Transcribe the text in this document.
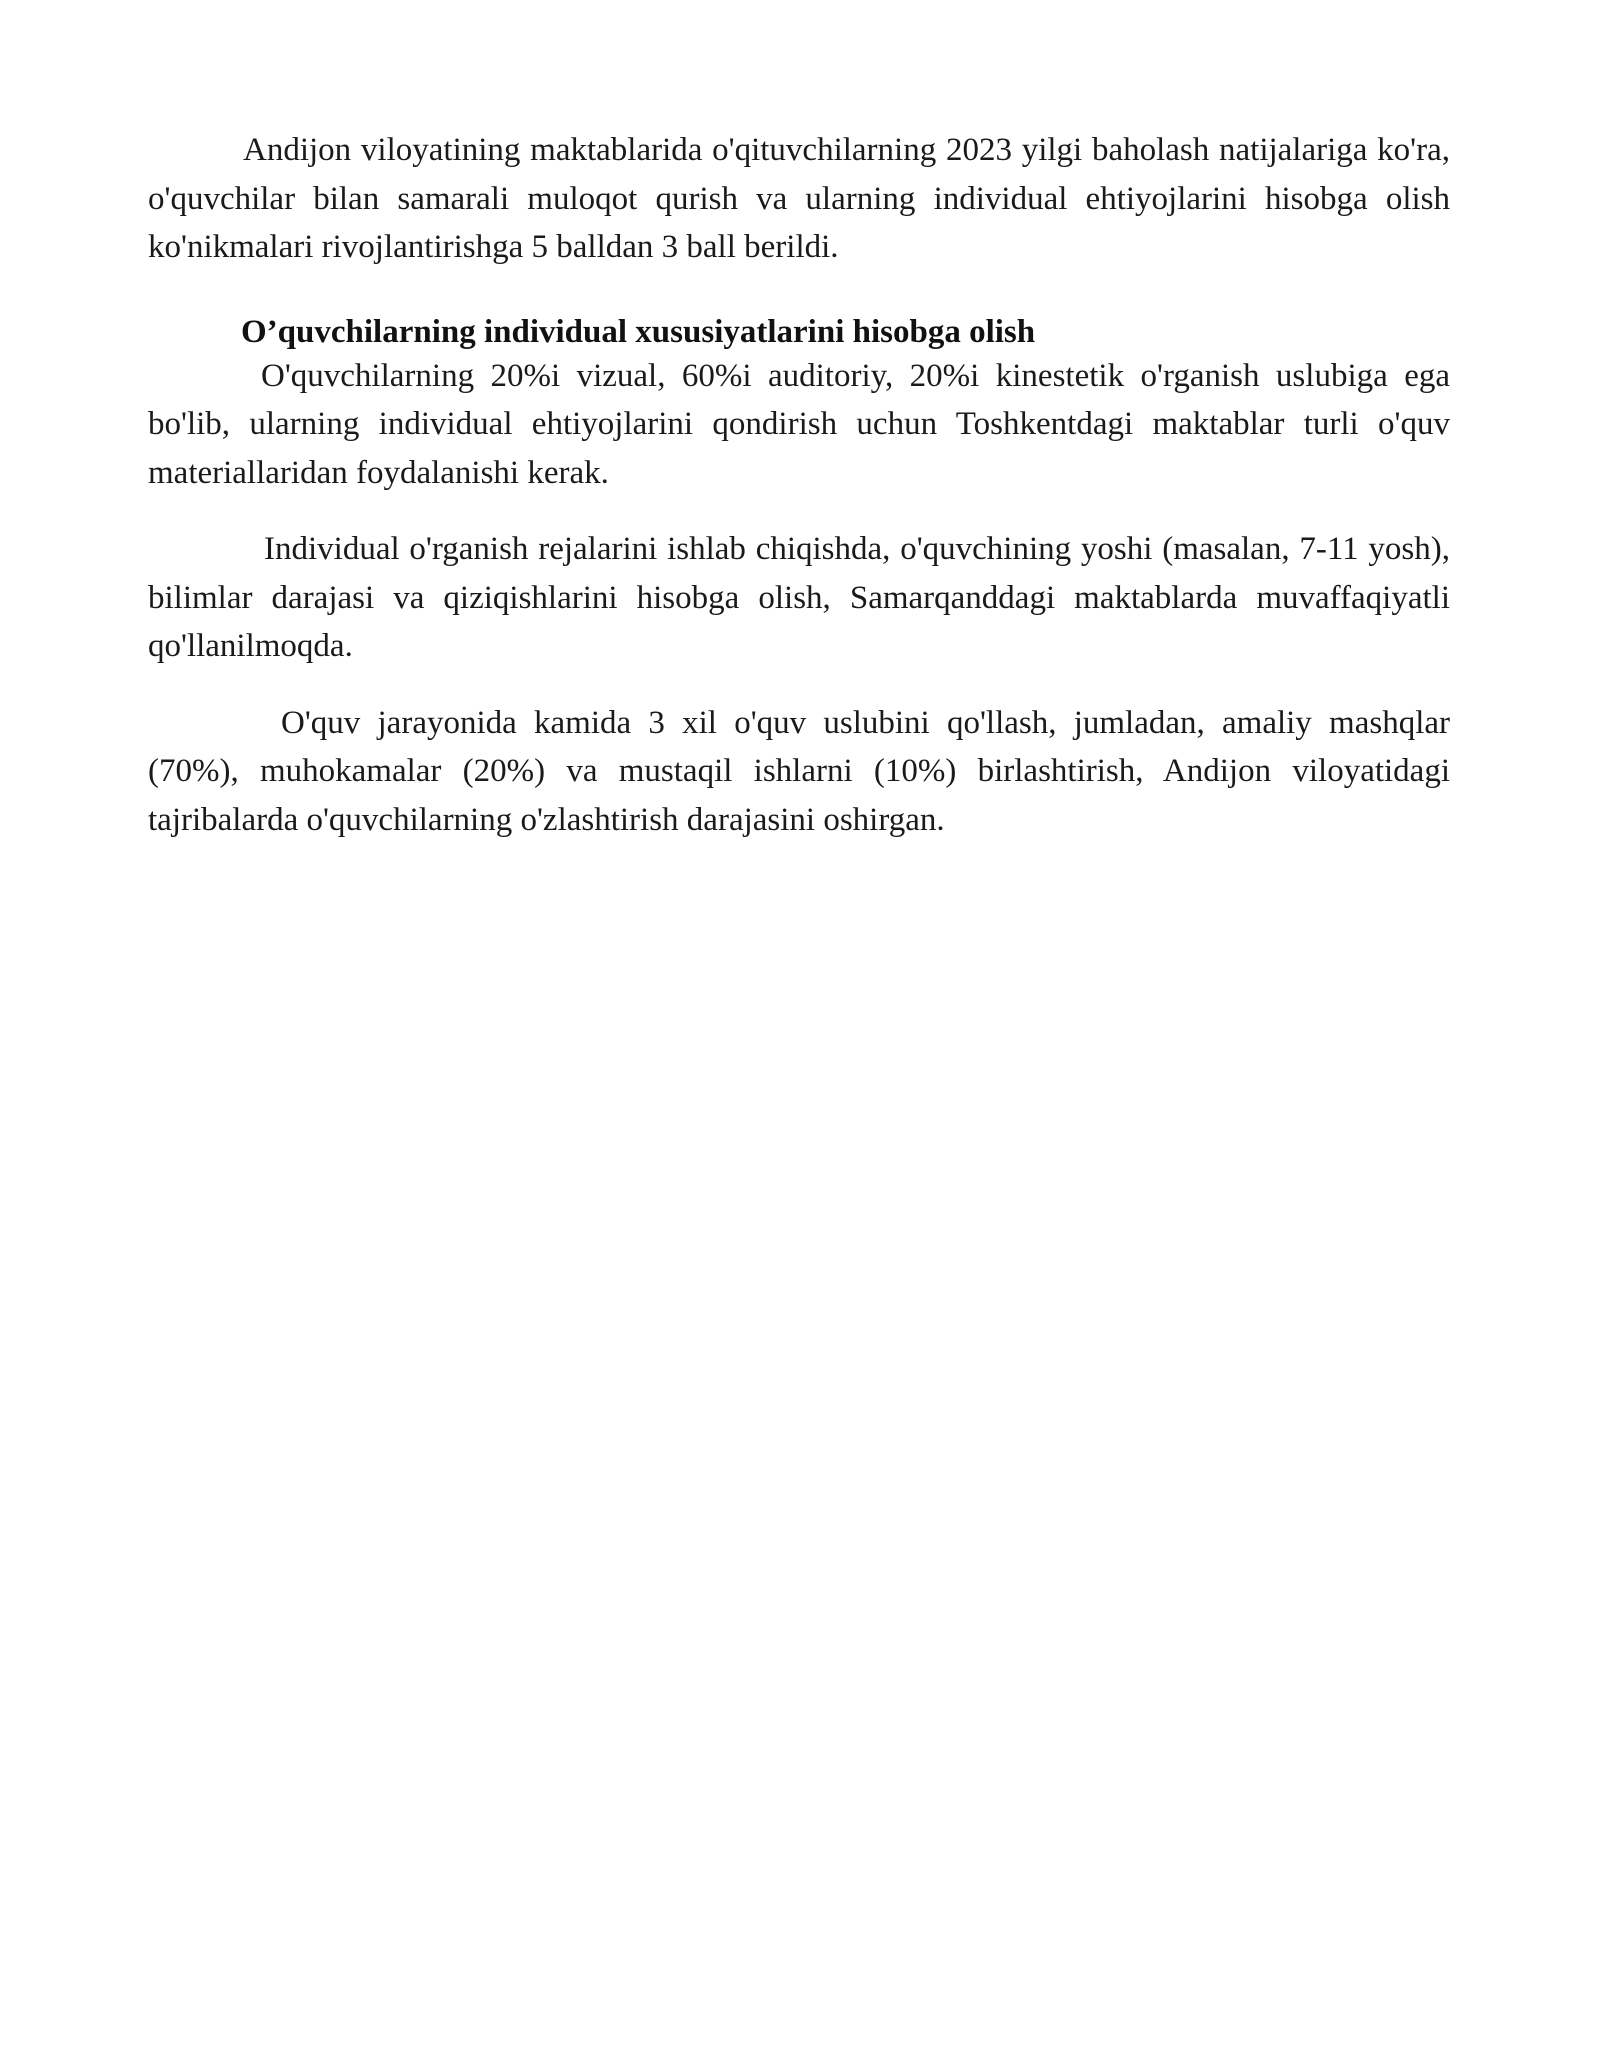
Andijon viloyatining maktablarida o'qituvchilarning 2023 yilgi baholash natijalariga ko'ra, o'quvchilar bilan samarali muloqot qurish va ularning individual ehtiyojlarini hisobga olish ko'nikmalari rivojlantirishga 5 balldan 3 ball berildi.

O’quvchilarning individual xususiyatlarini hisobga olish

O'quvchilarning 20%i vizual, 60%i auditoriy, 20%i kinestetik o'rganish uslubiga ega bo'lib, ularning individual ehtiyojlarini qondirish uchun Toshkentdagi maktablar turli o'quv materiallaridan foydalanishi kerak.

Individual o'rganish rejalarini ishlab chiqishda, o'quvchining yoshi (masalan, 7-11 yosh), bilimlar darajasi va qiziqishlarini hisobga olish, Samarqanddagi maktablarda muvaffaqiyatli qo'llanilmoqda.

O'quv jarayonida kamida 3 xil o'quv uslubini qo'llash, jumladan, amaliy mashqlar (70%), muhokamalar (20%) va mustaqil ishlarni (10%) birlashtirish, Andijon viloyatidagi tajribalarda o'quvchilarning o'zlashtirish darajasini oshirgan.
